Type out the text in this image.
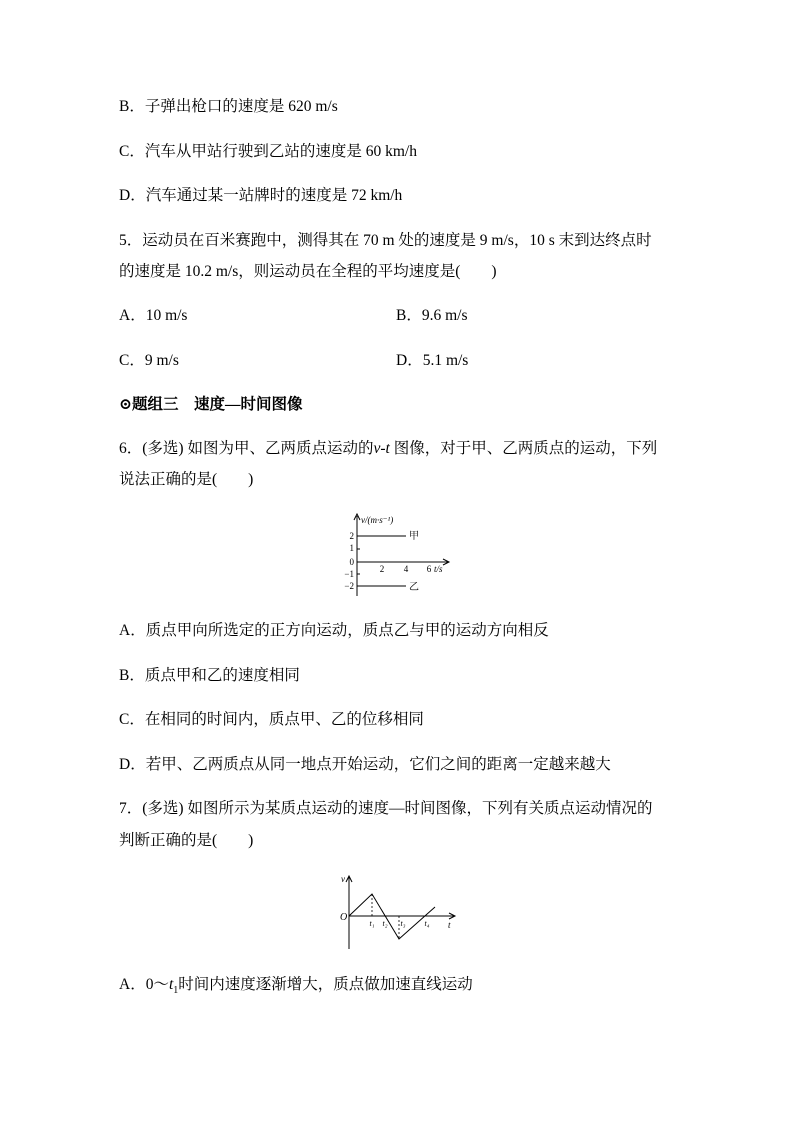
B．子弹出枪口的速度是 620 m/s
C．汽车从甲站行驶到乙站的速度是 60 km/h
D．汽车通过某一站牌时的速度是 72 km/h
5．运动员在百米赛跑中，测得其在 70 m 处的速度是 9 m/s，10 s 末到达终点时
的速度是 10.2 m/s，则运动员在全程的平均速度是(　　)
A．10 m/s	B．9.6 m/s
C．9 m/s	D．5.1 m/s
⊙题组三　速度—时间图像
6．(多选) 如图为甲、乙两质点运动的v-t 图像，对于甲、乙两质点的运动，下列
说法正确的是(　　)
v/(m·s⁻¹)
t/s
2
1
0
−1
−2
2 4 6
甲
乙
A．质点甲向所选定的正方向运动，质点乙与甲的运动方向相反
B．质点甲和乙的速度相同
C．在相同的时间内，质点甲、乙的位移相同
D．若甲、乙两质点从同一地点开始运动，它们之间的距离一定越来越大
7．(多选) 如图所示为某质点运动的速度—时间图像，下列有关质点运动情况的
判断正确的是(　　)
v
t
O
t₁ t₂ t₃ t₄
A．$0\sim t_1$时间内速度逐渐增大，质点做加速直线运动
